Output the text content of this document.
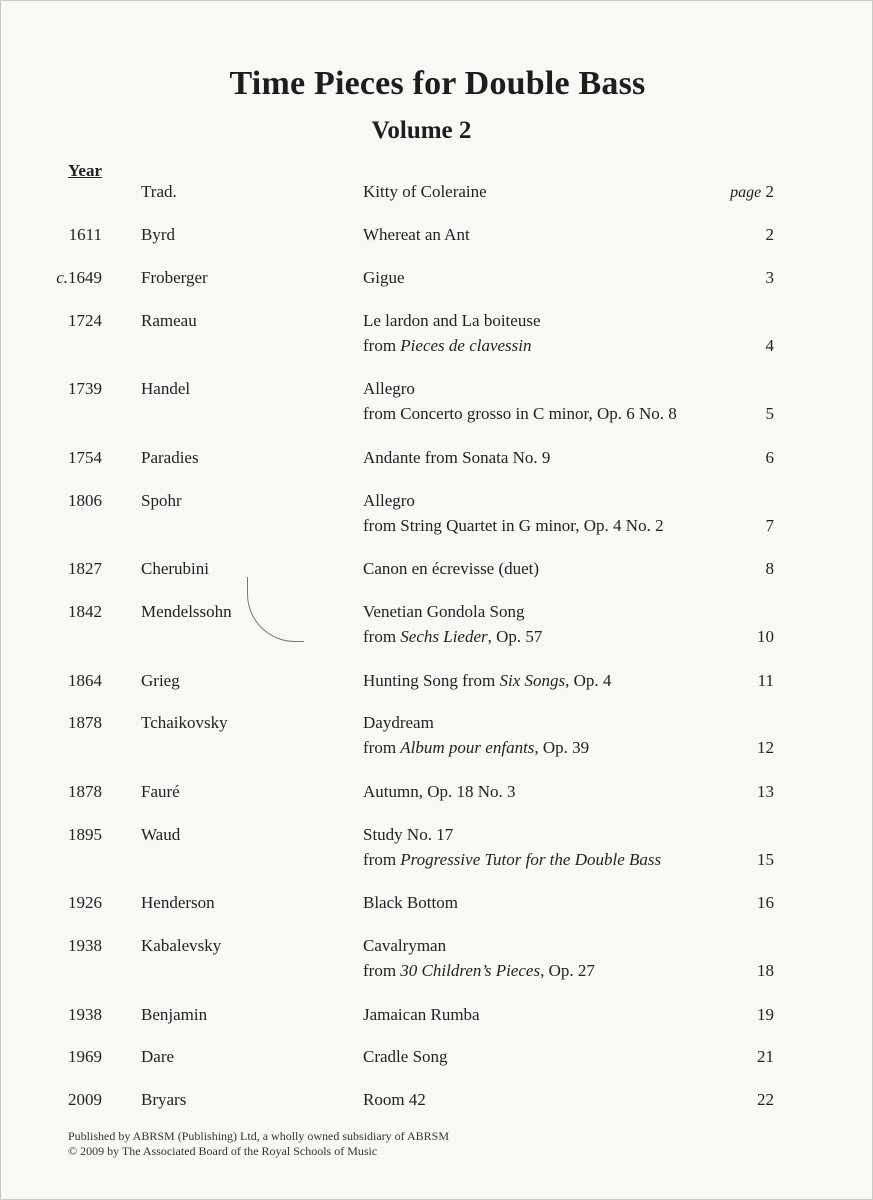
Time Pieces for Double Bass
Volume 2
Year
Trad.	Kitty of Coleraine	page 2
1611 Byrd	Whereat an Ant	2
c.1649 Froberger	Gigue	3
1724 Rameau	Le lardon and La boiteuse
from Pieces de clavessin	4
1739 Handel	Allegro
from Concerto grosso in C minor, Op. 6 No. 8	5
1754 Paradies	Andante from Sonata No. 9	6
1806 Spohr	Allegro
from String Quartet in G minor, Op. 4 No. 2	7
1827 Cherubini	Canon en écrevisse (duet)	8
1842 Mendelssohn	Venetian Gondola Song
from Sechs Lieder, Op. 57	10
1864 Grieg	Hunting Song from Six Songs, Op. 4	11
1878 Tchaikovsky	Daydream
from Album pour enfants, Op. 39	12
1878 Fauré	Autumn, Op. 18 No. 3	13
1895 Waud	Study No. 17
from Progressive Tutor for the Double Bass	15
1926 Henderson	Black Bottom	16
1938 Kabalevsky	Cavalryman
from 30 Children’s Pieces, Op. 27	18
1938 Benjamin	Jamaican Rumba	19
1969 Dare	Cradle Song	21
2009 Bryars	Room 42	22
Published by ABRSM (Publishing) Ltd, a wholly owned subsidiary of ABRSM
© 2009 by The Associated Board of the Royal Schools of Music
